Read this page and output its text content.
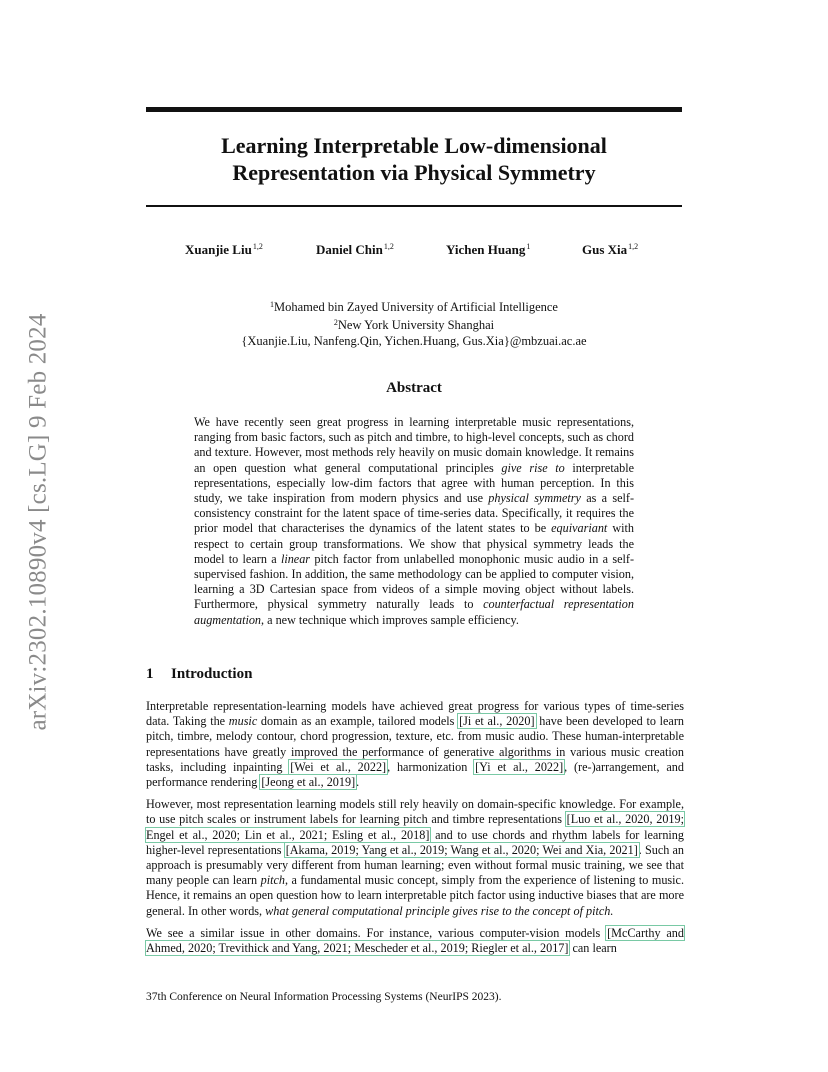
arXiv:2302.10890v4 [cs.LG] 9 Feb 2024
Learning Interpretable Low-dimensional
Representation via Physical Symmetry
Xuanjie Liu$^{1,2}$	Daniel Chin$^{1,2}$	Yichen Huang$^1$	Gus Xia$^{1,2}$
$^1$Mohamed bin Zayed University of Artificial Intelligence
$^2$New York University Shanghai
{Xuanjie.Liu, Nanfeng.Qin, Yichen.Huang, Gus.Xia}@mbzuai.ac.ae
Abstract
We have recently seen great progress in learning interpretable music representations, ranging from basic factors, such as pitch and timbre, to high-level concepts, such as chord and texture. However, most methods rely heavily on music domain knowledge. It remains an open question what general computational principles give rise to interpretable representations, especially low-dim factors that agree with human perception. In this study, we take inspiration from modern physics and use physical symmetry as a self-consistency constraint for the latent space of time-series data. Specifically, it requires the prior model that characterises the dynamics of the latent states to be equivariant with respect to certain group transformations. We show that physical symmetry leads the model to learn a linear pitch factor from unlabelled monophonic music audio in a self-supervised fashion. In addition, the same methodology can be applied to computer vision, learning a 3D Cartesian space from videos of a simple moving object without labels. Furthermore, physical symmetry naturally leads to counterfactual representation augmentation, a new technique which improves sample efficiency.
1 Introduction

Interpretable representation-learning models have achieved great progress for various types of time-series data. Taking the music domain as an example, tailored models [Ji et al., 2020] have been developed to learn pitch, timbre, melody contour, chord progression, texture, etc. from music audio. These human-interpretable representations have greatly improved the performance of generative algorithms in various music creation tasks, including inpainting [Wei et al., 2022], harmonization [Yi et al., 2022], (re-)arrangement, and performance rendering [Jeong et al., 2019].

However, most representation learning models still rely heavily on domain-specific knowledge. For example, to use pitch scales or instrument labels for learning pitch and timbre representations [Luo et al., 2020, 2019; Engel et al., 2020; Lin et al., 2021; Esling et al., 2018] and to use chords and rhythm labels for learning higher-level representations [Akama, 2019; Yang et al., 2019; Wang et al., 2020; Wei and Xia, 2021]. Such an approach is presumably very different from human learning; even without formal music training, we see that many people can learn pitch, a fundamental music concept, simply from the experience of listening to music. Hence, it remains an open question how to learn interpretable pitch factor using inductive biases that are more general. In other words, what general computational principle gives rise to the concept of pitch.

We see a similar issue in other domains. For instance, various computer-vision models [McCarthy and Ahmed, 2020; Trevithick and Yang, 2021; Mescheder et al., 2019; Riegler et al., 2017] can learn

37th Conference on Neural Information Processing Systems (NeurIPS 2023).
